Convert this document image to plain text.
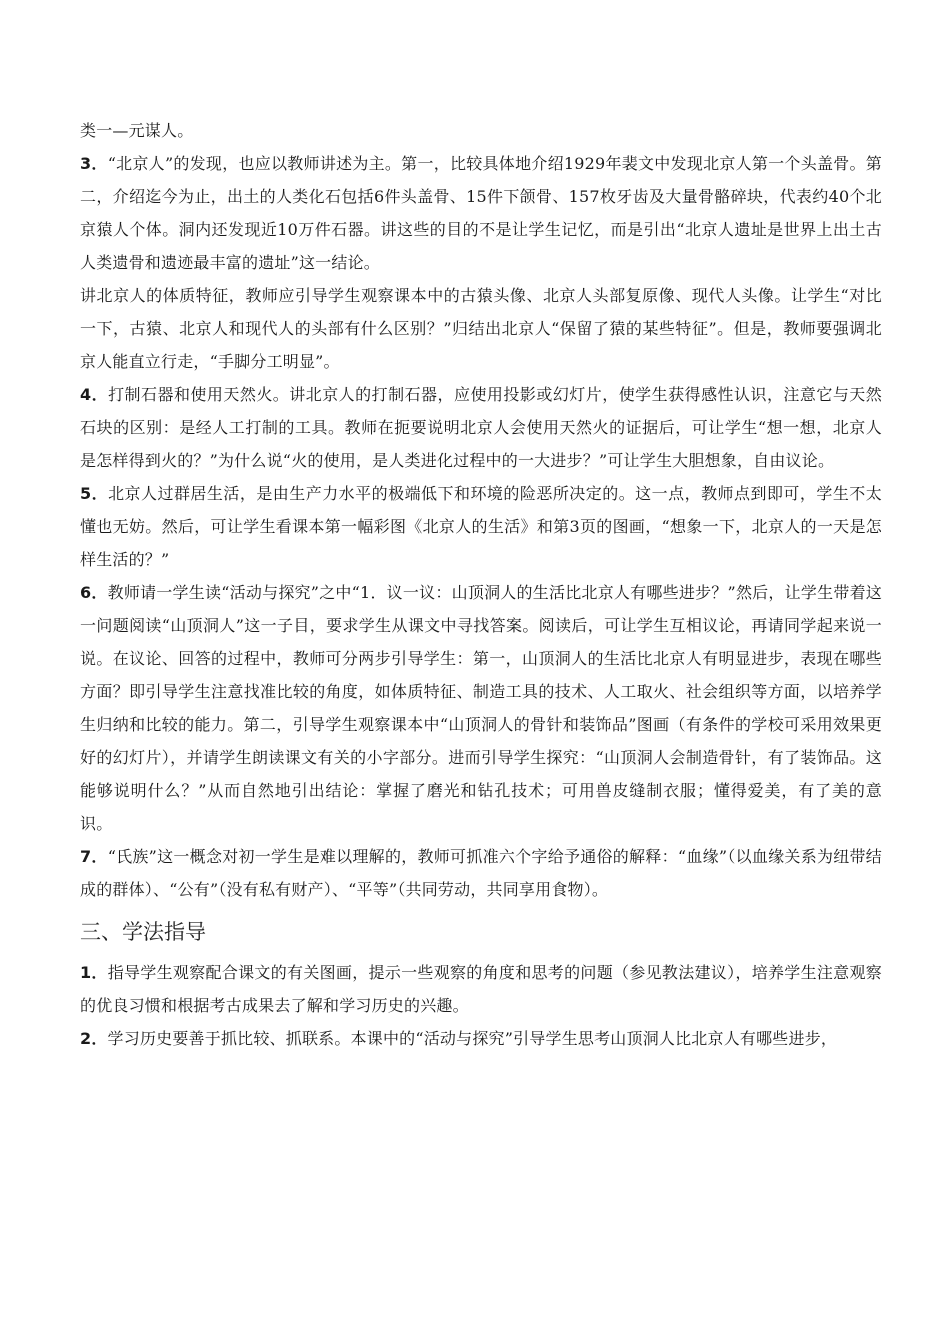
类一—元谋人。

3．“北京人”的发现，也应以教师讲述为主。第一，比较具体地介绍1929年裴文中发现北京人第一个头盖骨。第二，介绍迄今为止，出土的人类化石包括6件头盖骨、15件下颌骨、157枚牙齿及大量骨骼碎块，代表约40个北京猿人个体。洞内还发现近10万件石器。讲这些的目的不是让学生记忆，而是引出“北京人遗址是世界上出土古人类遗骨和遗迹最丰富的遗址”这一结论。

讲北京人的体质特征，教师应引导学生观察课本中的古猿头像、北京人头部复原像、现代人头像。让学生“对比一下，古猿、北京人和现代人的头部有什么区别？”归结出北京人“保留了猿的某些特征”。但是，教师要强调北京人能直立行走，“手脚分工明显”。

4．打制石器和使用天然火。讲北京人的打制石器，应使用投影或幻灯片，使学生获得感性认识，注意它与天然石块的区别：是经人工打制的工具。教师在扼要说明北京人会使用天然火的证据后，可让学生“想一想，北京人是怎样得到火的？”为什么说“火的使用，是人类进化过程中的一大进步？”可让学生大胆想象，自由议论。

5．北京人过群居生活，是由生产力水平的极端低下和环境的险恶所决定的。这一点，教师点到即可，学生不太懂也无妨。然后，可让学生看课本第一幅彩图《北京人的生活》和第3页的图画，“想象一下，北京人的一天是怎样生活的？”

6．教师请一学生读“活动与探究”之中“1．议一议：山顶洞人的生活比北京人有哪些进步？”然后，让学生带着这一问题阅读“山顶洞人”这一子目，要求学生从课文中寻找答案。阅读后，可让学生互相议论，再请同学起来说一说。在议论、回答的过程中，教师可分两步引导学生：第一，山顶洞人的生活比北京人有明显进步，表现在哪些方面？即引导学生注意找准比较的角度，如体质特征、制造工具的技术、人工取火、社会组织等方面，以培养学生归纳和比较的能力。第二，引导学生观察课本中“山顶洞人的骨针和装饰品”图画（有条件的学校可采用效果更好的幻灯片），并请学生朗读课文有关的小字部分。进而引导学生探究：“山顶洞人会制造骨针，有了装饰品。这能够说明什么？”从而自然地引出结论：掌握了磨光和钻孔技术；可用兽皮缝制衣服；懂得爱美，有了美的意识。

7．“氏族”这一概念对初一学生是难以理解的，教师可抓准六个字给予通俗的解释：“血缘”（以血缘关系为纽带结成的群体）、“公有”（没有私有财产）、“平等”（共同劳动，共同享用食物）。

三、学法指导

1．指导学生观察配合课文的有关图画，提示一些观察的角度和思考的问题（参见教法建议），培养学生注意观察的优良习惯和根据考古成果去了解和学习历史的兴趣。

2．学习历史要善于抓比较、抓联系。本课中的“活动与探究”引导学生思考山顶洞人比北京人有哪些进步，
